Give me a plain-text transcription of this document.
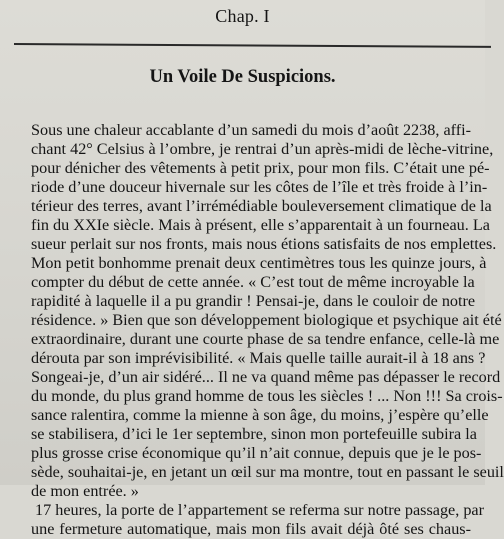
Chap. I
Un Voile De Suspicions.
Sous une chaleur accablante d’un samedi du mois d’août 2238, affi-
chant 42° Celsius à l’ombre, je rentrai d’un après-midi de lèche-vitrine,
pour dénicher des vêtements à petit prix, pour mon fils. C’était une pé-
riode d’une douceur hivernale sur les côtes de l’île et très froide à l’in-
térieur des terres, avant l’irrémédiable bouleversement climatique de la
fin du XXIe siècle. Mais à présent, elle s’apparentait à un fourneau. La
sueur perlait sur nos fronts, mais nous étions satisfaits de nos emplettes.
Mon petit bonhomme prenait deux centimètres tous les quinze jours, à
compter du début de cette année. « C’est tout de même incroyable la
rapidité à laquelle il a pu grandir ! Pensai-je, dans le couloir de notre
résidence. » Bien que son développement biologique et psychique ait été
extraordinaire, durant une courte phase de sa tendre enfance, celle-là me
dérouta par son imprévisibilité. « Mais quelle taille aurait-il à 18 ans ?
Songeai-je, d’un air sidéré... Il ne va quand même pas dépasser le record
du monde, du plus grand homme de tous les siècles ! ... Non !!! Sa crois-
sance ralentira, comme la mienne à son âge, du moins, j’espère qu’elle
se stabilisera, d’ici le 1er septembre, sinon mon portefeuille subira la
plus grosse crise économique qu’il n’ait connue, depuis que je le pos-
sède, souhaitai-je, en jetant un œil sur ma montre, tout en passant le seuil
de mon entrée. »
17 heures, la porte de l’appartement se referma sur notre passage, par
une fermeture automatique, mais mon fils avait déjà ôté ses chaus-
